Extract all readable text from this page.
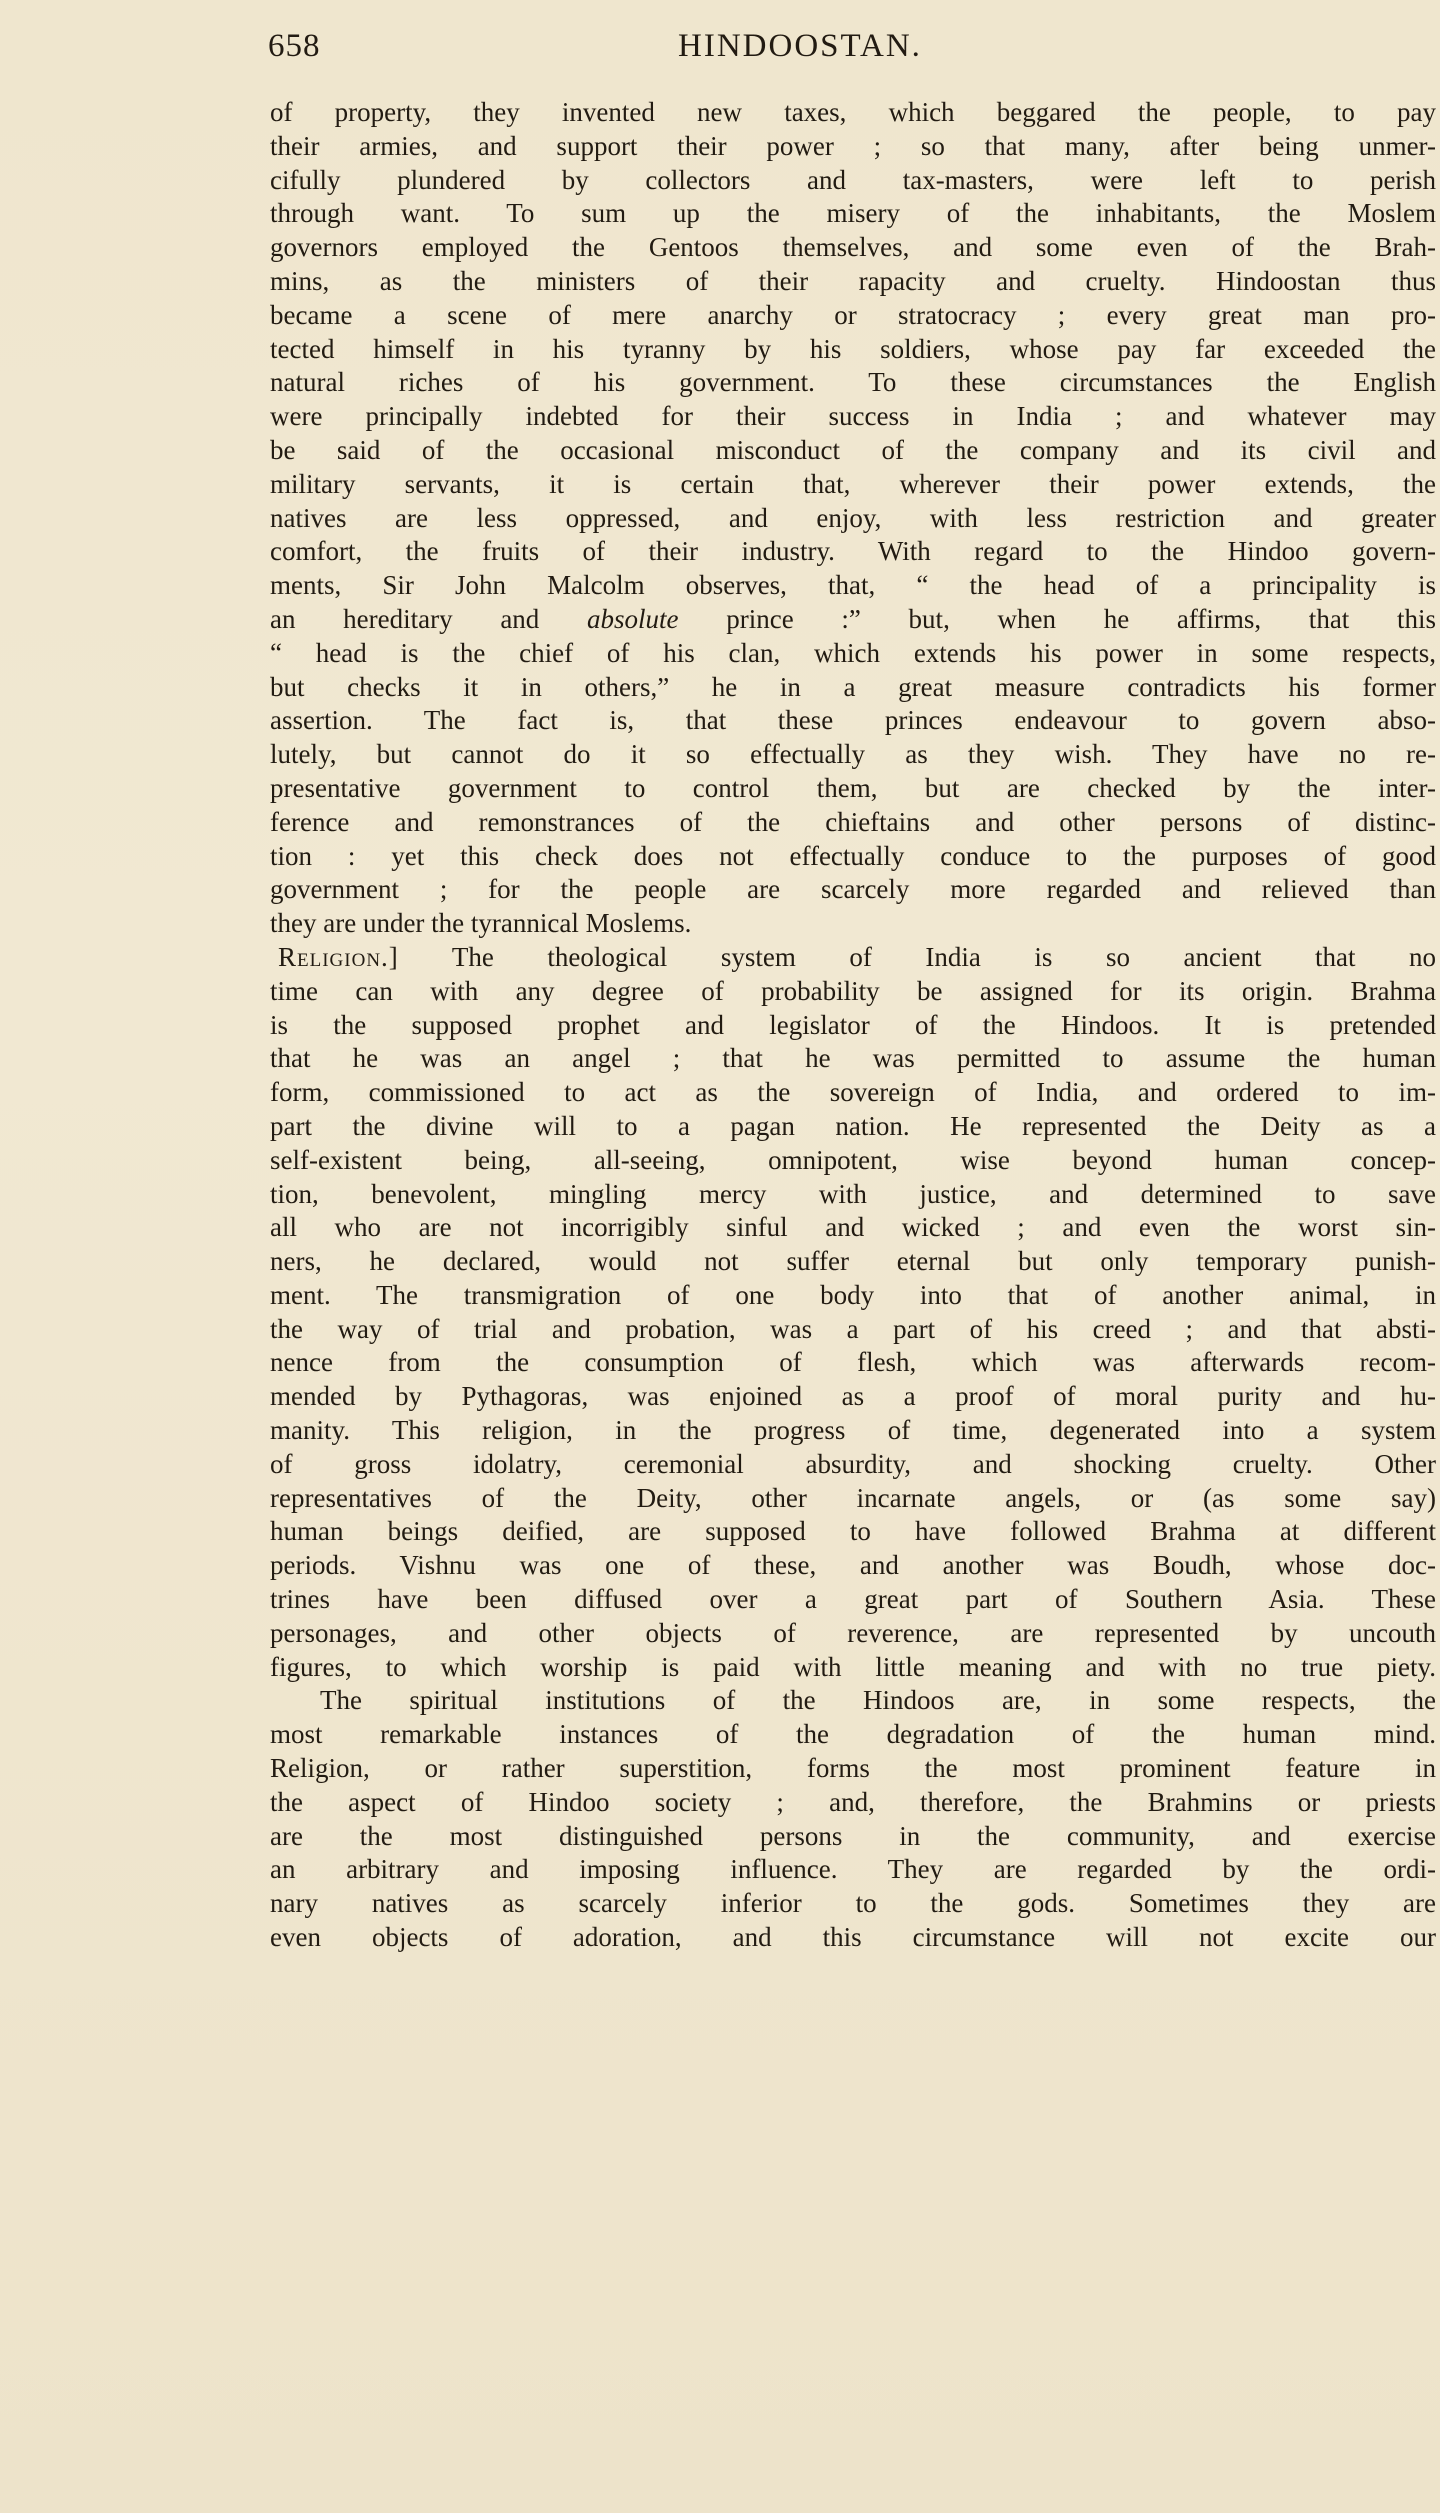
658	HINDOOSTAN.
of property, they invented new taxes, which beggared the people, to pay
their armies, and support their power ; so that many, after being unmer-
cifully plundered by collectors and tax-masters, were left to perish
through want. To sum up the misery of the inhabitants, the Moslem
governors employed the Gentoos themselves, and some even of the Brah-
mins, as the ministers of their rapacity and cruelty. Hindoostan thus
became a scene of mere anarchy or stratocracy ; every great man pro-
tected himself in his tyranny by his soldiers, whose pay far exceeded the
natural riches of his government. To these circumstances the English
were principally indebted for their success in India ; and whatever may
be said of the occasional misconduct of the company and its civil and
military servants, it is certain that, wherever their power extends, the
natives are less oppressed, and enjoy, with less restriction and greater
comfort, the fruits of their industry. With regard to the Hindoo govern-
ments, Sir John Malcolm observes, that, “ the head of a principality is
an hereditary and absolute prince :” but, when he affirms, that this
“ head is the chief of his clan, which extends his power in some respects,
but checks it in others,” he in a great measure contradicts his former
assertion. The fact is, that these princes endeavour to govern abso-
lutely, but cannot do it so effectually as they wish. They have no re-
presentative government to control them, but are checked by the inter-
ference and remonstrances of the chieftains and other persons of distinc-
tion : yet this check does not effectually conduce to the purposes of good
government ; for the people are scarcely more regarded and relieved than
they are under the tyrannical Moslems.
Religion.] The theological system of India is so ancient that no
time can with any degree of probability be assigned for its origin. Brahma
is the supposed prophet and legislator of the Hindoos. It is pretended
that he was an angel ; that he was permitted to assume the human
form, commissioned to act as the sovereign of India, and ordered to im-
part the divine will to a pagan nation. He represented the Deity as a
self-existent being, all-seeing, omnipotent, wise beyond human concep-
tion, benevolent, mingling mercy with justice, and determined to save
all who are not incorrigibly sinful and wicked ; and even the worst sin-
ners, he declared, would not suffer eternal but only temporary punish-
ment. The transmigration of one body into that of another animal, in
the way of trial and probation, was a part of his creed ; and that absti-
nence from the consumption of flesh, which was afterwards recom-
mended by Pythagoras, was enjoined as a proof of moral purity and hu-
manity. This religion, in the progress of time, degenerated into a system
of gross idolatry, ceremonial absurdity, and shocking cruelty. Other
representatives of the Deity, other incarnate angels, or (as some say)
human beings deified, are supposed to have followed Brahma at different
periods. Vishnu was one of these, and another was Boudh, whose doc-
trines have been diffused over a great part of Southern Asia. These
personages, and other objects of reverence, are represented by uncouth
figures, to which worship is paid with little meaning and with no true piety.
The spiritual institutions of the Hindoos are, in some respects, the
most remarkable instances of the degradation of the human mind.
Religion, or rather superstition, forms the most prominent feature in
the aspect of Hindoo society ; and, therefore, the Brahmins or priests
are the most distinguished persons in the community, and exercise
an arbitrary and imposing influence. They are regarded by the ordi-
nary natives as scarcely inferior to the gods. Sometimes they are
even objects of adoration, and this circumstance will not excite our
